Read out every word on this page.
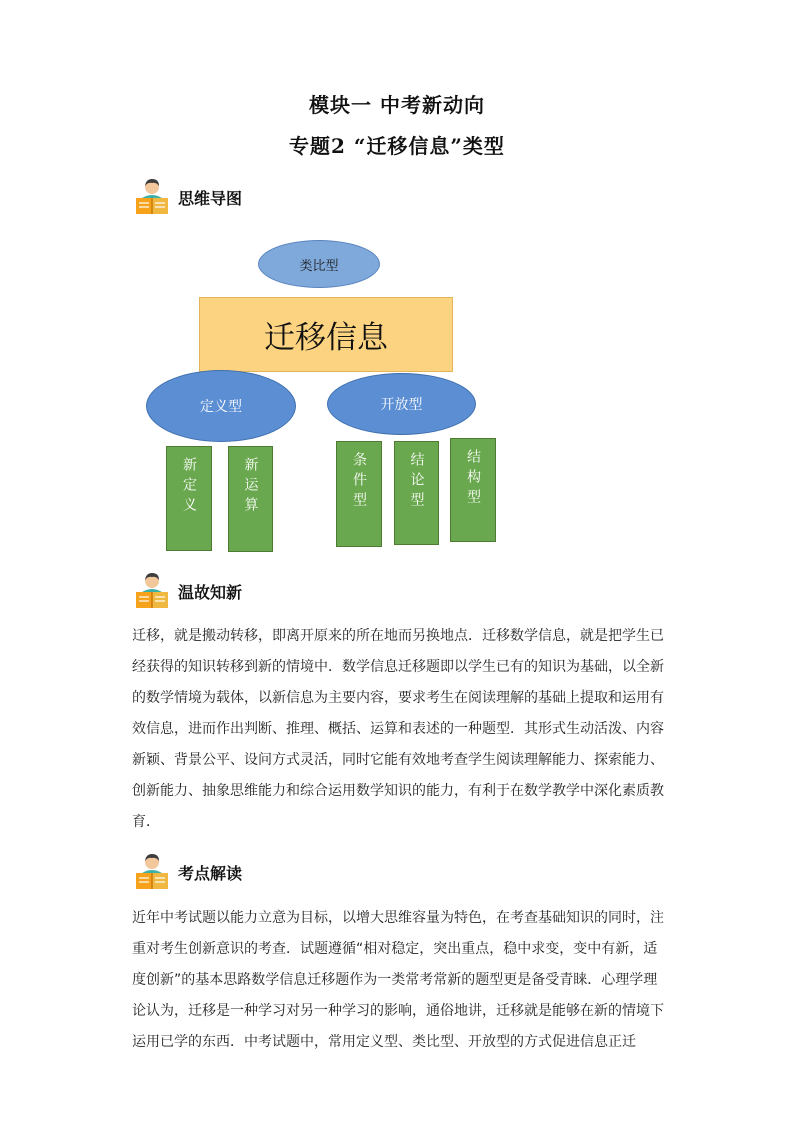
模块一 中考新动向
专题2 “迁移信息”类型
思维导图
类比型
迁移信息
定义型	开放型
新定义	新运算	条件型	结论型	结构型
温故知新

迁移，就是搬动转移，即离开原来的所在地而另换地点．迁移数学信息，就是把学生已经获得的知识转移到新的情境中．数学信息迁移题即以学生已有的知识为基础，以全新的数学情境为载体，以新信息为主要内容，要求考生在阅读理解的基础上提取和运用有效信息，进而作出判断、推理、概括、运算和表述的一种题型．其形式生动活泼、内容新颖、背景公平、设问方式灵活，同时它能有效地考查学生阅读理解能力、探索能力、创新能力、抽象思维能力和综合运用数学知识的能力，有利于在数学教学中深化素质教育．

考点解读

近年中考试题以能力立意为目标，以增大思维容量为特色，在考查基础知识的同时，注重对考生创新意识的考查．试题遵循“相对稳定，突出重点，稳中求变，变中有新，适度创新”的基本思路数学信息迁移题作为一类常考常新的题型更是备受青睐．心理学理论认为，迁移是一种学习对另一种学习的影响，通俗地讲，迁移就是能够在新的情境下运用已学的东西．中考试题中，常用定义型、类比型、开放型的方式促进信息正迁
